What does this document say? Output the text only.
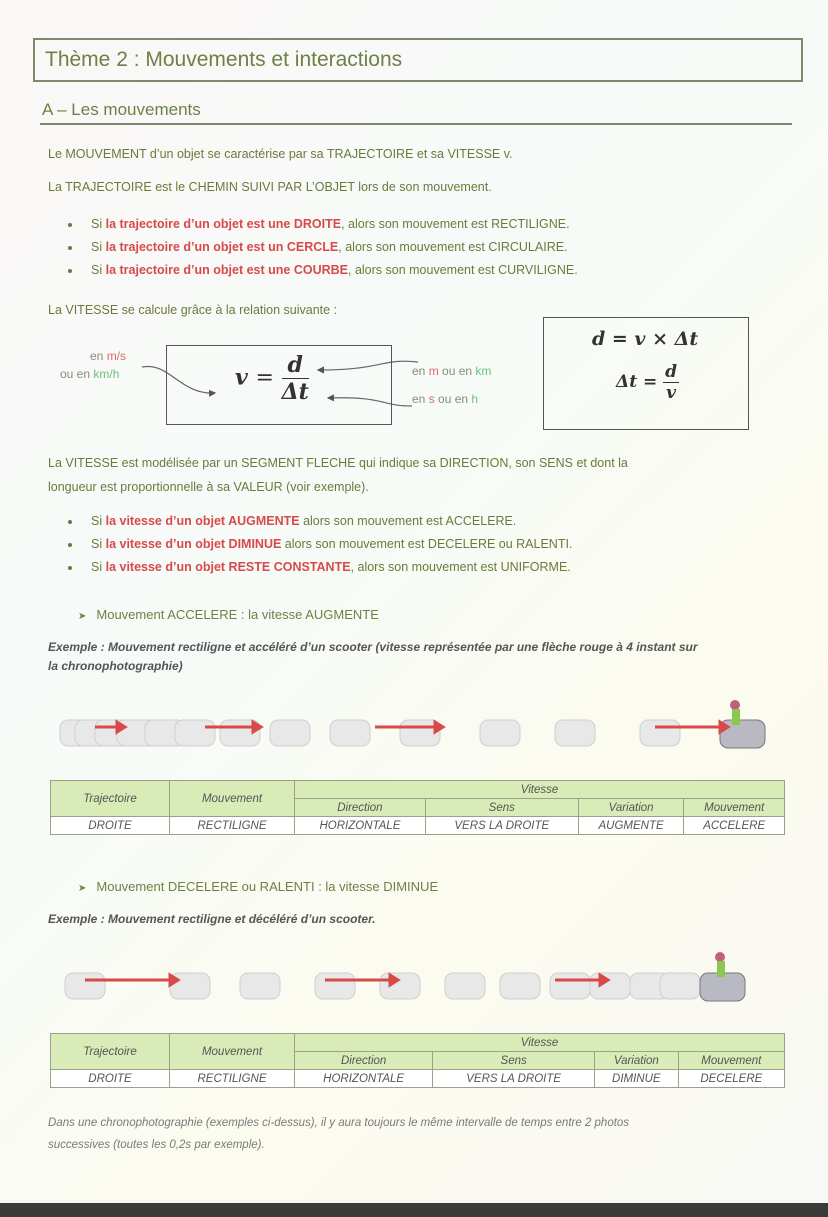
Thème 2 : Mouvements et interactions
A – Les mouvements
Le MOUVEMENT d’un objet se caractérise par sa TRAJECTOIRE et sa VITESSE v.
La TRAJECTOIRE est le CHEMIN SUIVI PAR L’OBJET lors de son mouvement.
Si la trajectoire d’un objet est une DROITE, alors son mouvement est RECTILIGNE.
Si la trajectoire d’un objet est un CERCLE, alors son mouvement est CIRCULAIRE.
Si la trajectoire d’un objet est une COURBE, alors son mouvement est CURVILIGNE.
La VITESSE se calcule grâce à la relation suivante :
en m/s
ou en km/h	$v = \frac{d}{\Delta t}$	en m ou en km
en s ou en h
d = v × Δt
$\Delta t = \frac{d}{v}$
La VITESSE est modélisée par un SEGMENT FLECHE qui indique sa DIRECTION, son SENS et dont la
longueur est proportionnelle à sa VALEUR (voir exemple).
Si la vitesse d’un objet AUGMENTE alors son mouvement est ACCELERE.
Si la vitesse d’un objet DIMINUE alors son mouvement est DECELERE ou RALENTI.
Si la vitesse d’un objet RESTE CONSTANTE, alors son mouvement est UNIFORME.
➤ Mouvement ACCELERE : la vitesse AUGMENTE
Exemple : Mouvement rectiligne et accéléré d’un scooter (vitesse représentée par une flèche rouge à 4 instant sur
la chronophotographie)
Trajectoire	Mouvement	Vitesse			
		Direction	Sens	Variation	Mouvement
DROITE	RECTILIGNE	HORIZONTALE	VERS LA DROITE	AUGMENTE	ACCELERE
➤ Mouvement DECELERE ou RALENTI : la vitesse DIMINUE
Exemple : Mouvement rectiligne et décéléré d’un scooter.
Trajectoire	Mouvement	Vitesse			
		Direction	Sens	Variation	Mouvement
DROITE	RECTILIGNE	HORIZONTALE	VERS LA DROITE	DIMINUE	DECELERE
Dans une chronophotographie (exemples ci-dessus), il y aura toujours le même intervalle de temps entre 2 photos
successives (toutes les 0,2s par exemple).
